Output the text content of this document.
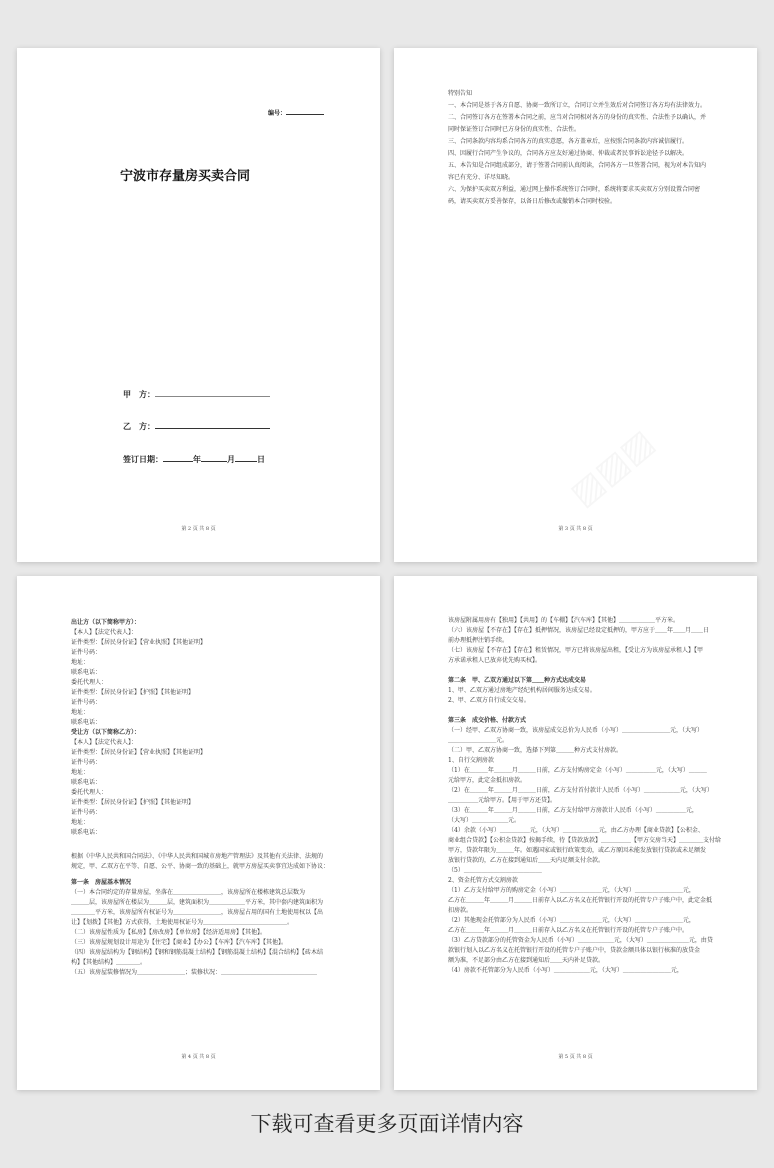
编号：
宁波市存量房买卖合同
甲　方：
乙　方：
签订日期：	年	月	日
第 2 页 共 8 页
特别告知
一、本合同是基于各方自愿、协商一致所订立，合同订立并生效后对合同签订各方均有法律效力。
二、合同签订各方在签署本合同之前，应当对合同相对各方的身份的真实性、合法性予以确认，并同时保证签订合同时已方身份的真实性、合法性。
三、合同条款内容均系合同各方的真实意愿，各方盖章后，应按照合同条款内容诚信履行。
四、因履行合同产生争议的，合同各方应友好通过协商、仲裁或者民事诉讼途径予以解决。
五、本告知是合同组成部分，请于签署合同前认真阅读，合同各方一旦签署合同，视为对本告知内容已有充分、详尽知晓。
六、为保护买卖双方利益，通过网上操作系统签订合同时，系统将要求买卖双方分别设置合同密码，请买卖双方妥善保存，以备日后修改或撤销本合同时校验。
第 3 页 共 8 页
出让方（以下简称甲方）：
【本人】【法定代表人】：
证件类型：【居民身份证】【营业执照】【其他证明】
证件号码：
地址：
联系电话：
委托代理人：
证件类型：【居民身份证】【护照】【其他证明】
证件号码：
地址：
联系电话：
受让方（以下简称乙方）：
【本人】【法定代表人】：
证件类型：【居民身份证】【营业执照】【其他证明】
证件号码：
地址：
联系电话：
委托代理人：
证件类型：【居民身份证】【护照】【其他证明】
证件号码：
地址：
联系电话：
根据《中华人民共和国合同法》、《中华人民共和国城市房地产管理法》及其他有关法律、法规的
规定，甲、乙双方在平等、自愿、公平、协商一致的基础上，就甲方房屋买卖事宜达成如下协议：
第一条　房屋基本情况
（一）本合同约定的存量房屋，坐落在＿＿＿＿＿＿＿＿，该房屋所在楼栋建筑总层数为
＿＿＿层，该房屋所在楼层为＿＿＿层，建筑面积为＿＿＿＿＿＿平方米，其中套内建筑面积为
＿＿＿＿平方米，该房屋所有权证号为＿＿＿＿＿＿＿＿，该房屋占用的国有土地使用权以【出
让】【划拨】【其他】方式获得，土地使用权证号为＿＿＿＿＿＿＿＿＿＿＿＿＿＿。
（二）该房屋性质为【私房】【房改房】【单位房】【经济适用房】【其他】。
（三）该房屋规划设计用途为【住宅】【商业】【办公】【车库】【汽车库】【其他】。
（四）该房屋结构为【钢结构】【钢和钢筋混凝土结构】【钢筋混凝土结构】【混合结构】【砖木结
构】【其他结构】＿＿＿＿。
（五）该房屋装修情况为＿＿＿＿＿＿＿＿；装修状况：＿＿＿＿＿＿＿＿＿＿＿＿＿＿＿＿
第 4 页 共 8 页
该房屋附属用房有【独用】【共用】的【车棚】【汽车库】【其他】＿＿＿＿＿＿平方米。
（六）该房屋【不存在】【存在】抵押情况，该房屋已经设定抵押的，甲方应于＿＿年＿＿月＿＿日
前办理抵押注销手续。
（七）该房屋【不存在】【存在】租赁情况，甲方已将该房屋出租，【受让方为该房屋承租人】【甲
方承诺承租人已放弃优先购买权】。
第二条　甲、乙双方通过以下第＿＿种方式达成交易
1、甲、乙双方通过房地产经纪机构居间服务达成交易。
2、甲、乙双方自行成交交易。
第三条　成交价格、付款方式
（一）经甲、乙双方协商一致，该房屋成交总价为人民币（小写）＿＿＿＿＿＿＿＿元，（大写）
＿＿＿＿＿＿＿＿元。
（二）甲、乙双方协商一致，选择下列第＿＿＿种方式支付房款。
1、自行交割房款
（1）在＿＿＿年＿＿＿月＿＿＿日前，乙方支付购房定金（小写）＿＿＿＿＿元，（大写）＿＿＿
元给甲方，此定金抵扣房款。
（2）在＿＿＿年＿＿＿月＿＿＿日前，乙方支付首付款计人民币（小写）＿＿＿＿＿＿元，（大写）
＿＿＿＿＿元给甲方。【用于甲方还贷】。
（3）在＿＿＿年＿＿＿月＿＿＿日前，乙方支付给甲方房款计人民币（小写）＿＿＿＿＿元，
（大写）＿＿＿＿＿＿元。
（4）余款（小写）＿＿＿＿＿元，（大写）＿＿＿＿＿＿元，由乙方办理【商业贷款】【公积金、
商业组合贷款】【公积金贷款】按揭手续，待【贷款放款】＿＿＿＿＿【甲方交房当天】＿＿＿＿支付给
甲方，贷款年限为＿＿＿年。如遇国家或银行政策变动，或乙方原因未能发放银行贷款或未足额发
放银行贷款的，乙方在接到通知后＿＿天内足额支付余款。
（5）＿＿＿＿＿＿＿＿＿＿＿＿＿
2、资金托管方式交割房款
（1）乙方支付给甲方的购房定金（小写）＿＿＿＿＿＿＿元，（大写）＿＿＿＿＿＿＿＿元，
乙方在＿＿＿年＿＿＿月＿＿＿日前存入以乙方名义在托管银行开设的托管专户子账户中，此定金抵
扣房款。
（2）其他现金托管部分为人民币（小写）＿＿＿＿＿＿＿元，（大写）＿＿＿＿＿＿＿＿元，
乙方在＿＿＿年＿＿＿月＿＿＿日前存入以乙方名义在托管银行开设的托管专户子账户中。
（3）乙方贷款部分的托管资金为人民币（小写）＿＿＿＿＿＿元，（大写）＿＿＿＿＿＿＿元，由贷
款银行划入以乙方名义在托管银行开设的托管专户子账户中，贷款金额具体以银行核准的放贷金
额为准，不足部分由乙方在接到通知后＿＿天内补足贷款。
（4）房款不托管部分为人民币（小写）＿＿＿＿＿＿元，（大写）＿＿＿＿＿＿＿＿元，
第 5 页 共 8 页
下载可查看更多页面详情内容
